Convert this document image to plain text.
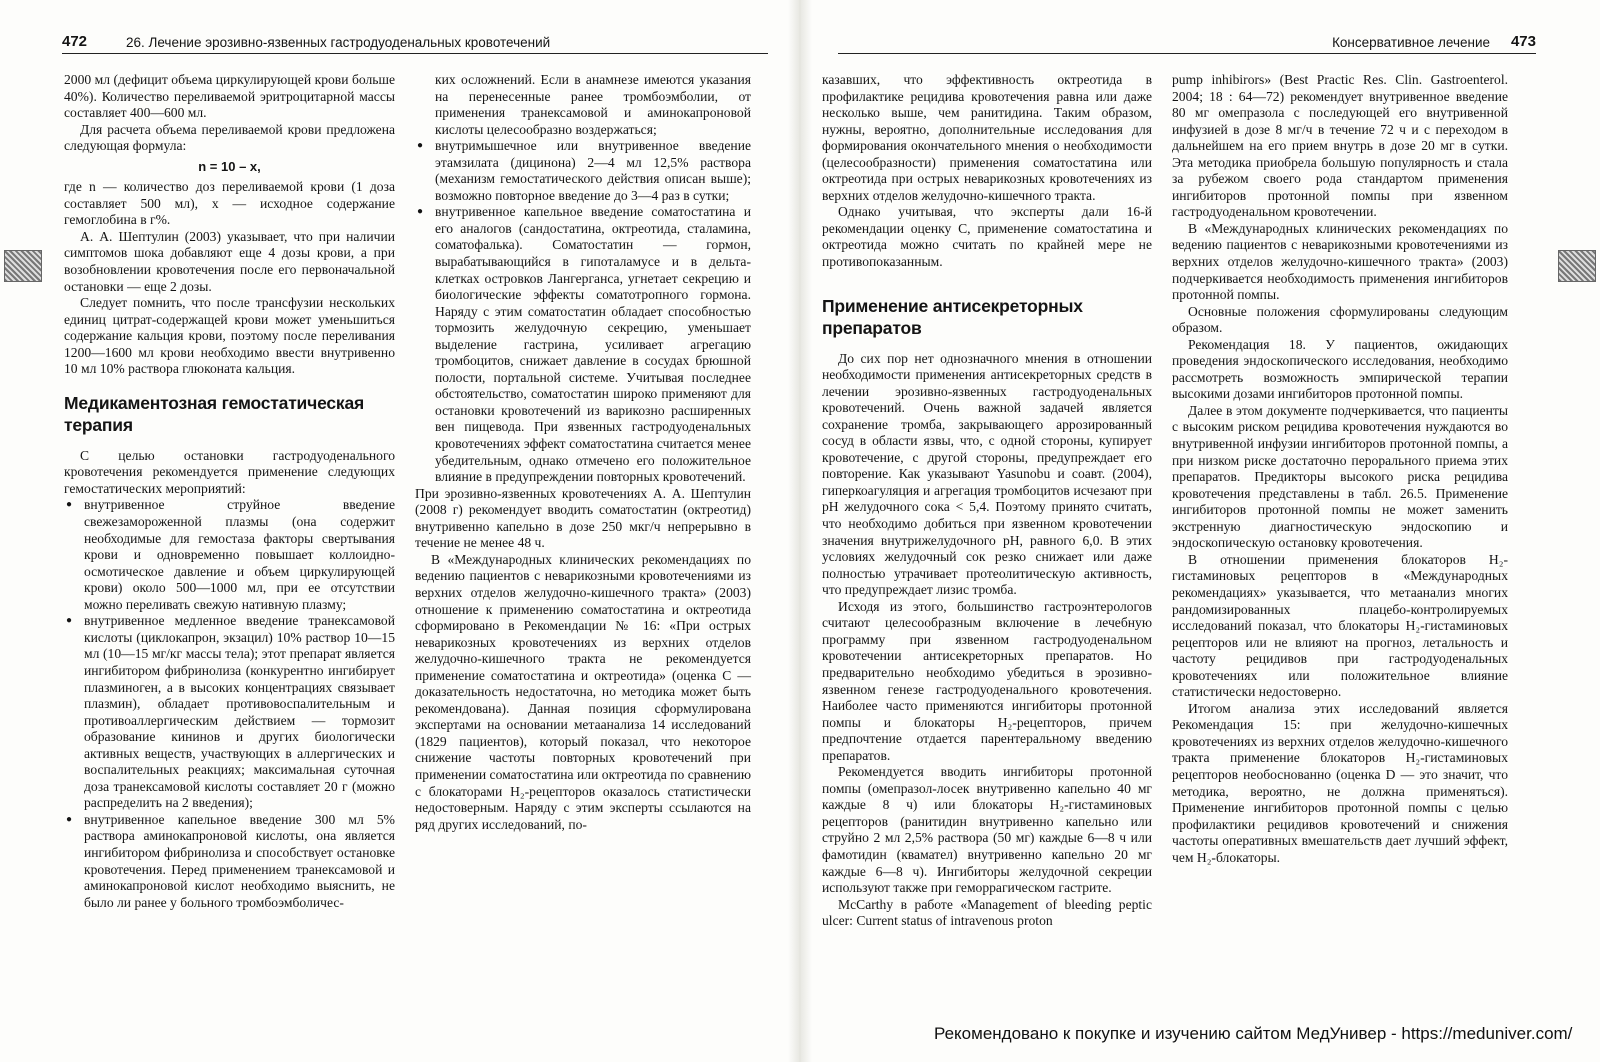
472	26. Лечение эрозивно-язвенных гастродуоденальных кровотечений	Консервативное лечение 473

2000 мл (дефицит объема циркулирующей крови больше 40%). Количество переливаемой эритроцитарной массы составляет 400—600 мл.

Для расчета объема переливаемой крови предложена следующая формула:

n = 10 – x,

где n — количество доз переливаемой крови (1 доза составляет 500 мл), x — исходное содержание гемоглобина в г%.

А. А. Шептулин (2003) указывает, что при наличии симптомов шока добавляют еще 4 дозы крови, а при возобновлении кровотечения после его первоначальной остановки — еще 2 дозы.

Следует помнить, что после трансфузии нескольких единиц цитрат-содержащей крови может уменьшиться содержание кальция крови, поэтому после переливания 1200—1600 мл крови необходимо ввести внутривенно 10 мл 10% раствора глюконата кальция.

Медикаментозная гемостатическая терапия

С целью остановки гастродуоденального кровотечения рекомендуется применение следующих гемостатических мероприятий:

● внутривенное струйное введение свежезамороженной плазмы (она содержит необходимые для гемостаза факторы свертывания крови и одновременно повышает коллоидно-осмотическое давление и объем циркулирующей крови) около 500—1000 мл, при ее отсутствии можно переливать свежую нативную плазму;
● внутривенное медленное введение транексамовой кислоты (циклокапрон, экзацил) 10% раствор 10—15 мл (10—15 мг/кг массы тела); этот препарат является ингибитором фибринолиза (конкурентно ингибирует плазминоген, а в высоких концентрациях связывает плазмин), обладает противовоспалительным и противоаллергическим действием — тормозит образование кининов и других биологически активных веществ, участвующих в аллергических и воспалительных реакциях; максимальная суточная доза транексамовой кислоты составляет 20 г (можно распределить на 2 введения);
● внутривенное капельное введение 300 мл 5% раствора аминокапроновой кислоты, она является ингибитором фибринолиза и способствует остановке кровотечения. Перед применением транексамовой и аминокапроновой кислот необходимо выяснить, не было ли ранее у больного тромбоэмболичес-

ких осложнений. Если в анамнезе имеются указания на перенесенные ранее тромбоэмболии, от применения транексамовой и аминокапроновой кислоты целесообразно воздержаться;

● внутримышечное или внутривенное введение этамзилата (дицинона) 2—4 мл 12,5% раствора (механизм гемостатического действия описан выше); возможно повторное введение до 3—4 раз в сутки;
● внутривенное капельное введение соматостатина и его аналогов (сандостатина, октреотида, сталамина, соматофалька). Соматостатин — гормон, вырабатывающийся в гипоталамусе и в дельта-клетках островков Лангерганса, угнетает секрецию и биологические эффекты соматотропного гормона. Наряду с этим соматостатин обладает способностью тормозить желудочную секрецию, уменьшает выделение гастрина, усиливает агрегацию тромбоцитов, снижает давление в сосудах брюшной полости, портальной системе. Учитывая последнее обстоятельство, соматостатин широко применяют для остановки кровотечений из варикозно расширенных вен пищевода. При язвенных гастродуоденальных кровотечениях эффект соматостатина считается менее убедительным, однако отмечено его положительное влияние в предупреждении повторных кровотечений.

При эрозивно-язвенных кровотечениях А. А. Шептулин (2008 г) рекомендует вводить соматостатин (октреотид) внутривенно капельно в дозе 250 мкг/ч непрерывно в течение не менее 48 ч.

В «Международных клинических рекомендациях по ведению пациентов с неварикозными кровотечениями из верхних отделов желудочно-кишечного тракта» (2003) отношение к применению соматостатина и октреотида сформировано в Рекомендации № 16: «При острых неварикозных кровотечениях из верхних отделов желудочно-кишечного тракта не рекомендуется применение соматостатина и октреотида» (оценка С — доказательность недостаточна, но методика может быть рекомендована). Данная позиция сформулирована экспертами на основании метаанализа 14 исследований (1829 пациентов), который показал, что некоторое снижение частоты повторных кровотечений при применении соматостатина или октреотида по сравнению с блокаторами H₂-рецепторов оказалось статистически недостоверным. Наряду с этим эксперты ссылаются на ряд других исследований, по-

казавших, что эффективность октреотида в профилактике рецидива кровотечения равна или даже несколько выше, чем ранитидина. Таким образом, нужны, вероятно, дополнительные исследования для формирования окончательного мнения о необходимости (целесообразности) применения соматостатина или октреотида при острых неварикозных кровотечениях из верхних отделов желудочно-кишечного тракта.

Однако учитывая, что эксперты дали 16-й рекомендации оценку С, применение соматостатина и октреотида можно считать по крайней мере не противопоказанным.

Применение антисекреторных препаратов

До сих пор нет однозначного мнения в отношении необходимости применения антисекреторных средств в лечении эрозивно-язвенных гастродуоденальных кровотечений. Очень важной задачей является сохранение тромба, закрывающего аррозированный сосуд в области язвы, что, с одной стороны, купирует кровотечение, с другой стороны, предупреждает его повторение. Как указывают Yasunobu и соавт. (2004), гиперкоагуляция и агрегация тромбоцитов исчезают при pH желудочного сока < 5,4. Поэтому принято считать, что необходимо добиться при язвенном кровотечении значения внутрижелудочного pH, равного 6,0. В этих условиях желудочный сок резко снижает или даже полностью утрачивает протеолитическую активность, что предупреждает лизис тромба.

Исходя из этого, большинство гастроэнтерологов считают целесообразным включение в лечебную программу при язвенном гастродуоденальном кровотечении антисекреторных препаратов. Но предварительно необходимо убедиться в эрозивно-язвенном генезе гастродуоденального кровотечения. Наиболее часто применяются ингибиторы протонной помпы и блокаторы H₂-рецепторов, причем предпочтение отдается парентеральному введению препаратов.

Рекомендуется вводить ингибиторы протонной помпы (омепразол-лосек внутривенно капельно 40 мг каждые 8 ч) или блокаторы H₂-гистаминовых рецепторов (ранитидин внутривенно капельно или струйно 2 мл 2,5% раствора (50 мг) каждые 6—8 ч или фамотидин (квамател) внутривенно капельно 20 мг каждые 6—8 ч). Ингибиторы желудочной секреции используют также при геморрагическом гастрите.

McCarthy в работе «Management of bleeding peptic ulcer: Current status of intravenous proton

pump inhibirors» (Best Practic Res. Clin. Gastroenterol. 2004; 18 : 64—72) рекомендует внутривенное введение 80 мг омепразола с последующей его внутривенной инфузией в дозе 8 мг/ч в течение 72 ч и с переходом в дальнейшем на его прием внутрь в дозе 20 мг в сутки. Эта методика приобрела большую популярность и стала за рубежом своего рода стандартом применения ингибиторов протонной помпы при язвенном гастродуоденальном кровотечении.

В «Международных клинических рекомендациях по ведению пациентов с неварикозными кровотечениями из верхних отделов желудочно-кишечного тракта» (2003) подчеркивается необходимость применения ингибиторов протонной помпы.

Основные положения сформулированы следующим образом.

Рекомендация 18. У пациентов, ожидающих проведения эндоскопического исследования, необходимо рассмотреть возможность эмпирической терапии высокими дозами ингибиторов протонной помпы.

Далее в этом документе подчеркивается, что пациенты с высоким риском рецидива кровотечения нуждаются во внутривенной инфузии ингибиторов протонной помпы, а при низком риске достаточно перорального приема этих препаратов. Предикторы высокого риска рецидива кровотечения представлены в табл. 26.5. Применение ингибиторов протонной помпы не может заменить экстренную диагностическую эндоскопию и эндоскопическую остановку кровотечения.

В отношении применения блокаторов H₂-гистаминовых рецепторов в «Международных рекомендациях» указывается, что метаанализ многих рандомизированных плацебо-контролируемых исследований показал, что блокаторы H₂-гистаминовых рецепторов или не влияют на прогноз, летальность и частоту рецидивов при гастродуоденальных кровотечениях или положительное влияние статистически недостоверно.

Итогом анализа этих исследований является Рекомендация 15: при желудочно-кишечных кровотечениях из верхних отделов желудочно-кишечного тракта применение блокаторов H₂-гистаминовых рецепторов необоснованно (оценка D — это значит, что методика, вероятно, не должна применяться). Применение ингибиторов протонной помпы с целью профилактики рецидивов кровотечений и снижения частоты оперативных вмешательств дает лучший эффект, чем H₂-блокаторы.

Рекомендовано к покупке и изучению сайтом МедУнивер - https://meduniver.com/
